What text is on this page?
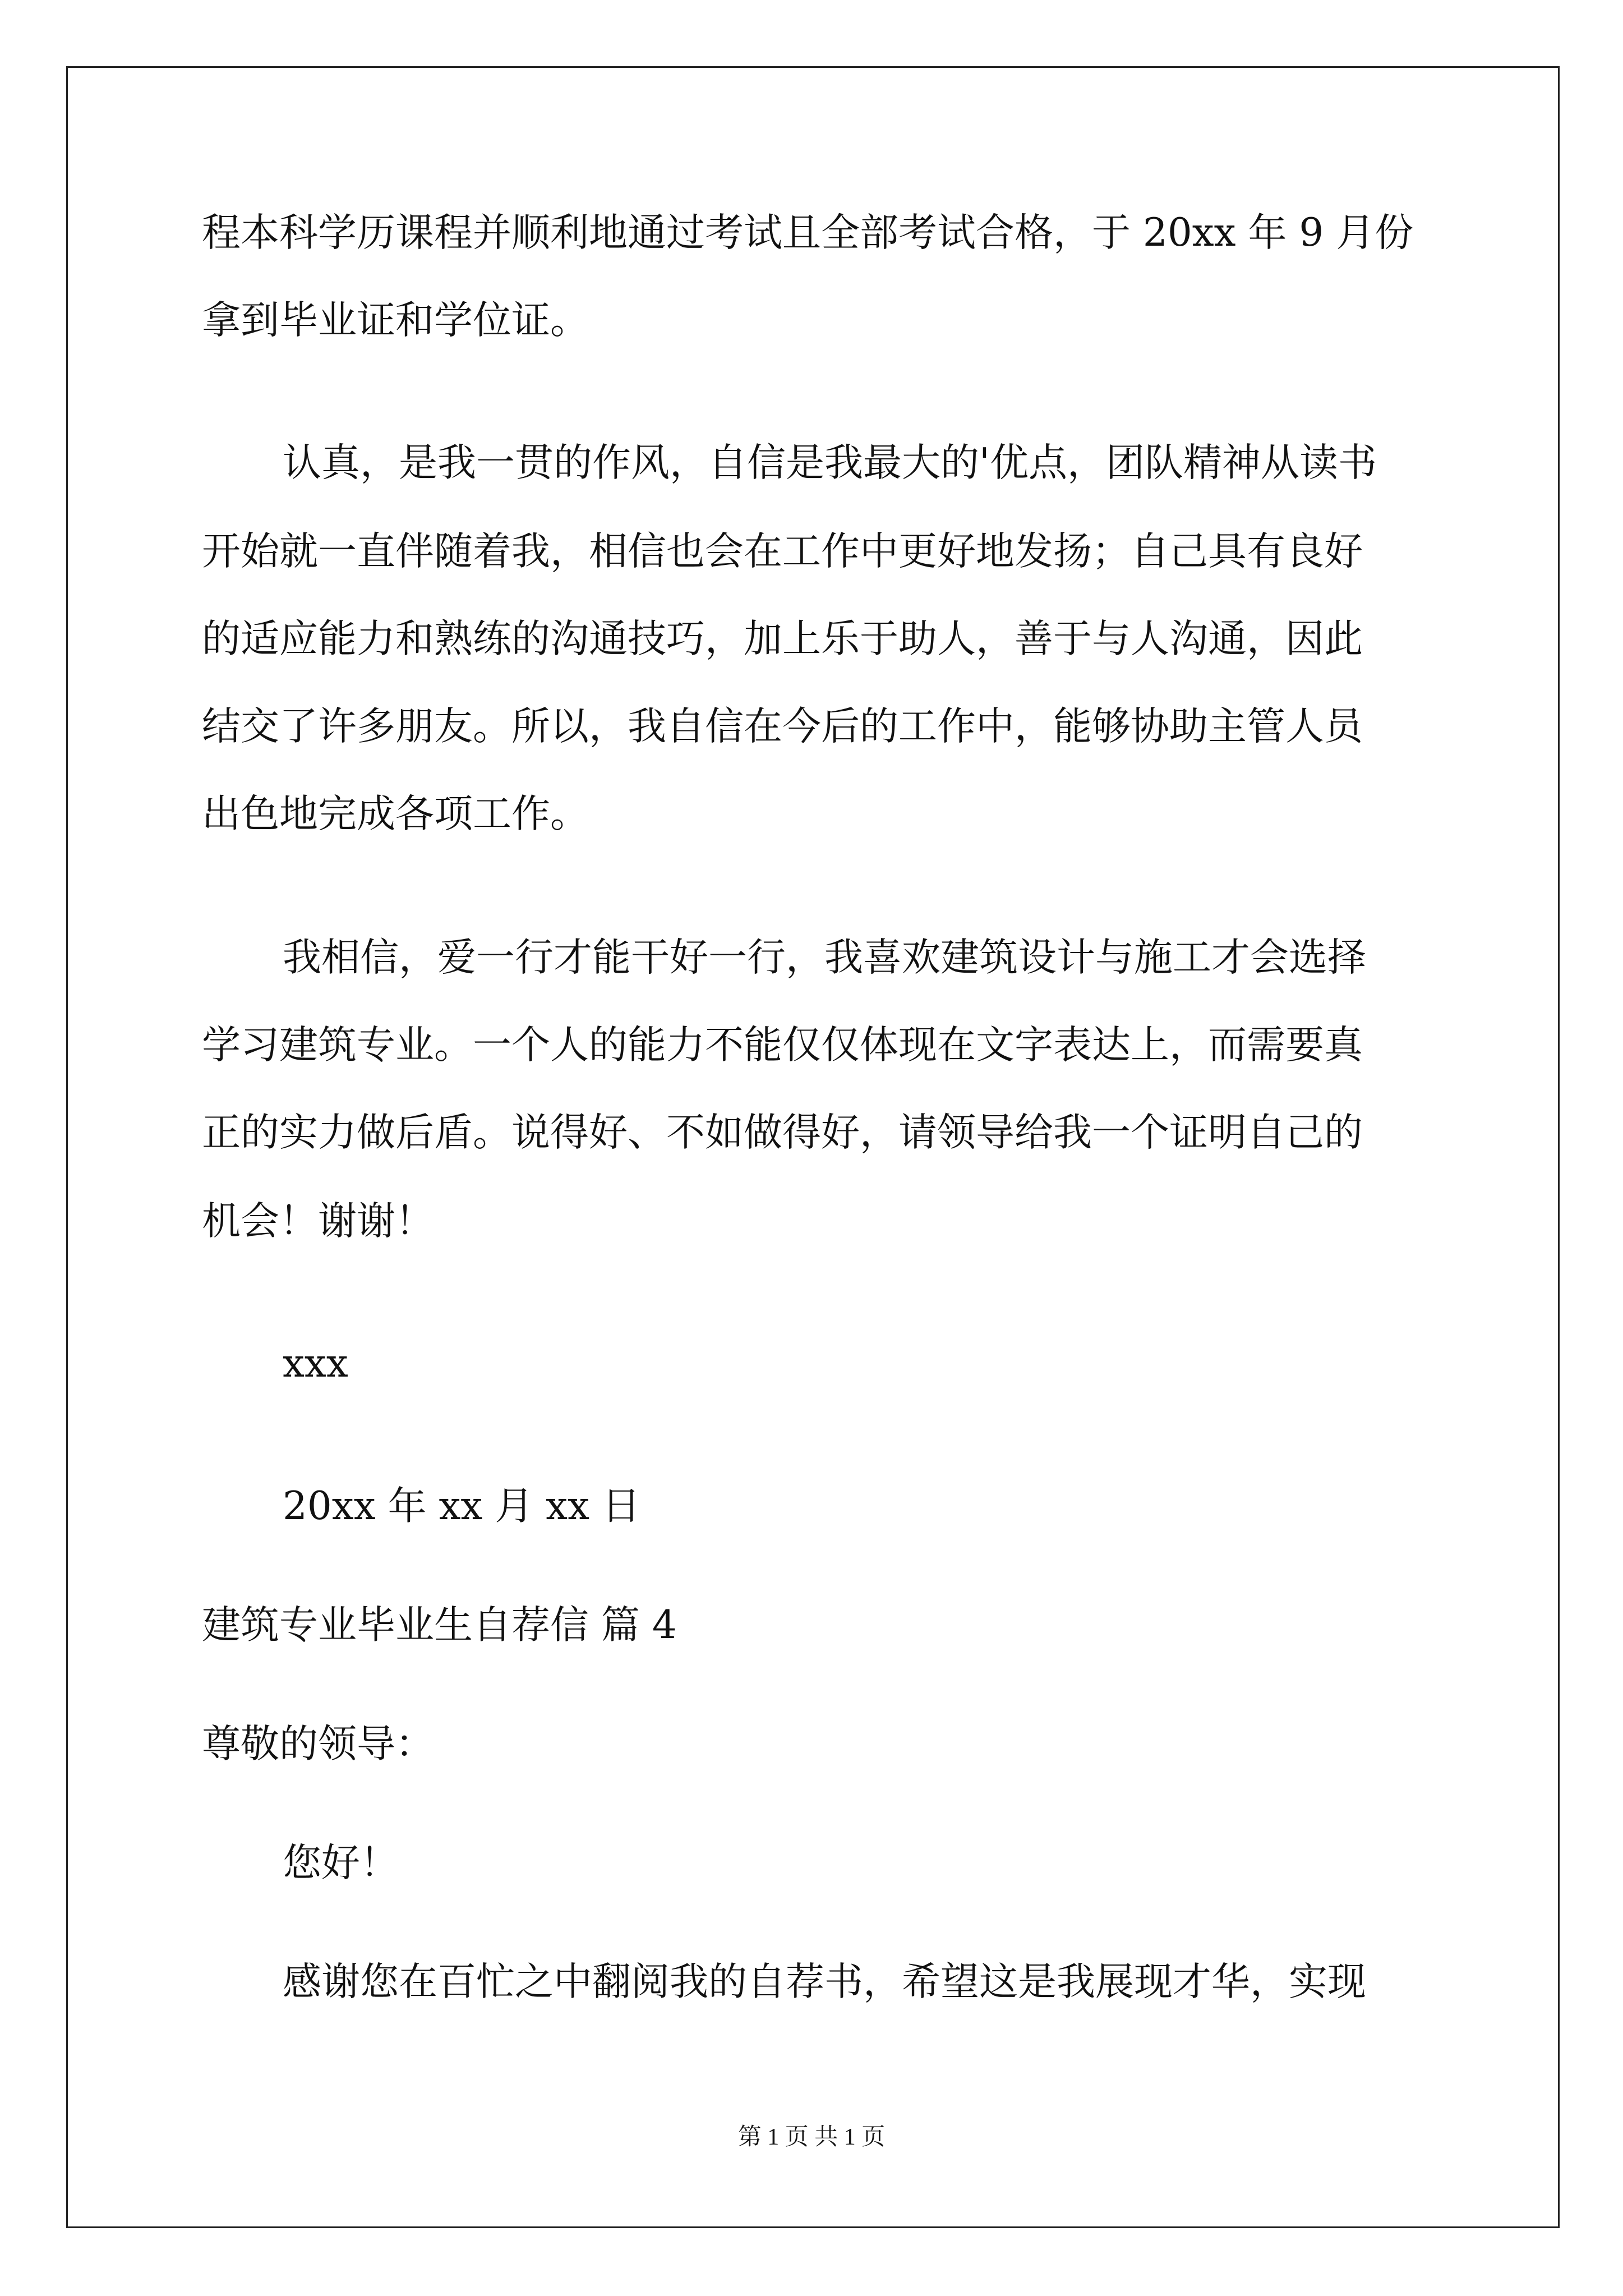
程本科学历课程并顺利地通过考试且全部考试合格，于 20xx 年 9 月份
拿到毕业证和学位证。
认真，是我一贯的作风，自信是我最大的'优点，团队精神从读书
开始就一直伴随着我，相信也会在工作中更好地发扬；自己具有良好
的适应能力和熟练的沟通技巧，加上乐于助人，善于与人沟通，因此
结交了许多朋友。所以，我自信在今后的工作中，能够协助主管人员
出色地完成各项工作。
我相信，爱一行才能干好一行，我喜欢建筑设计与施工才会选择
学习建筑专业。一个人的能力不能仅仅体现在文字表达上，而需要真
正的实力做后盾。说得好、不如做得好，请领导给我一个证明自己的
机会！谢谢！
xxx
20xx 年 xx 月 xx 日
建筑专业毕业生自荐信 篇 4
尊敬的领导：
您好！
感谢您在百忙之中翻阅我的自荐书，希望这是我展现才华，实现
第 1 页 共 1 页
